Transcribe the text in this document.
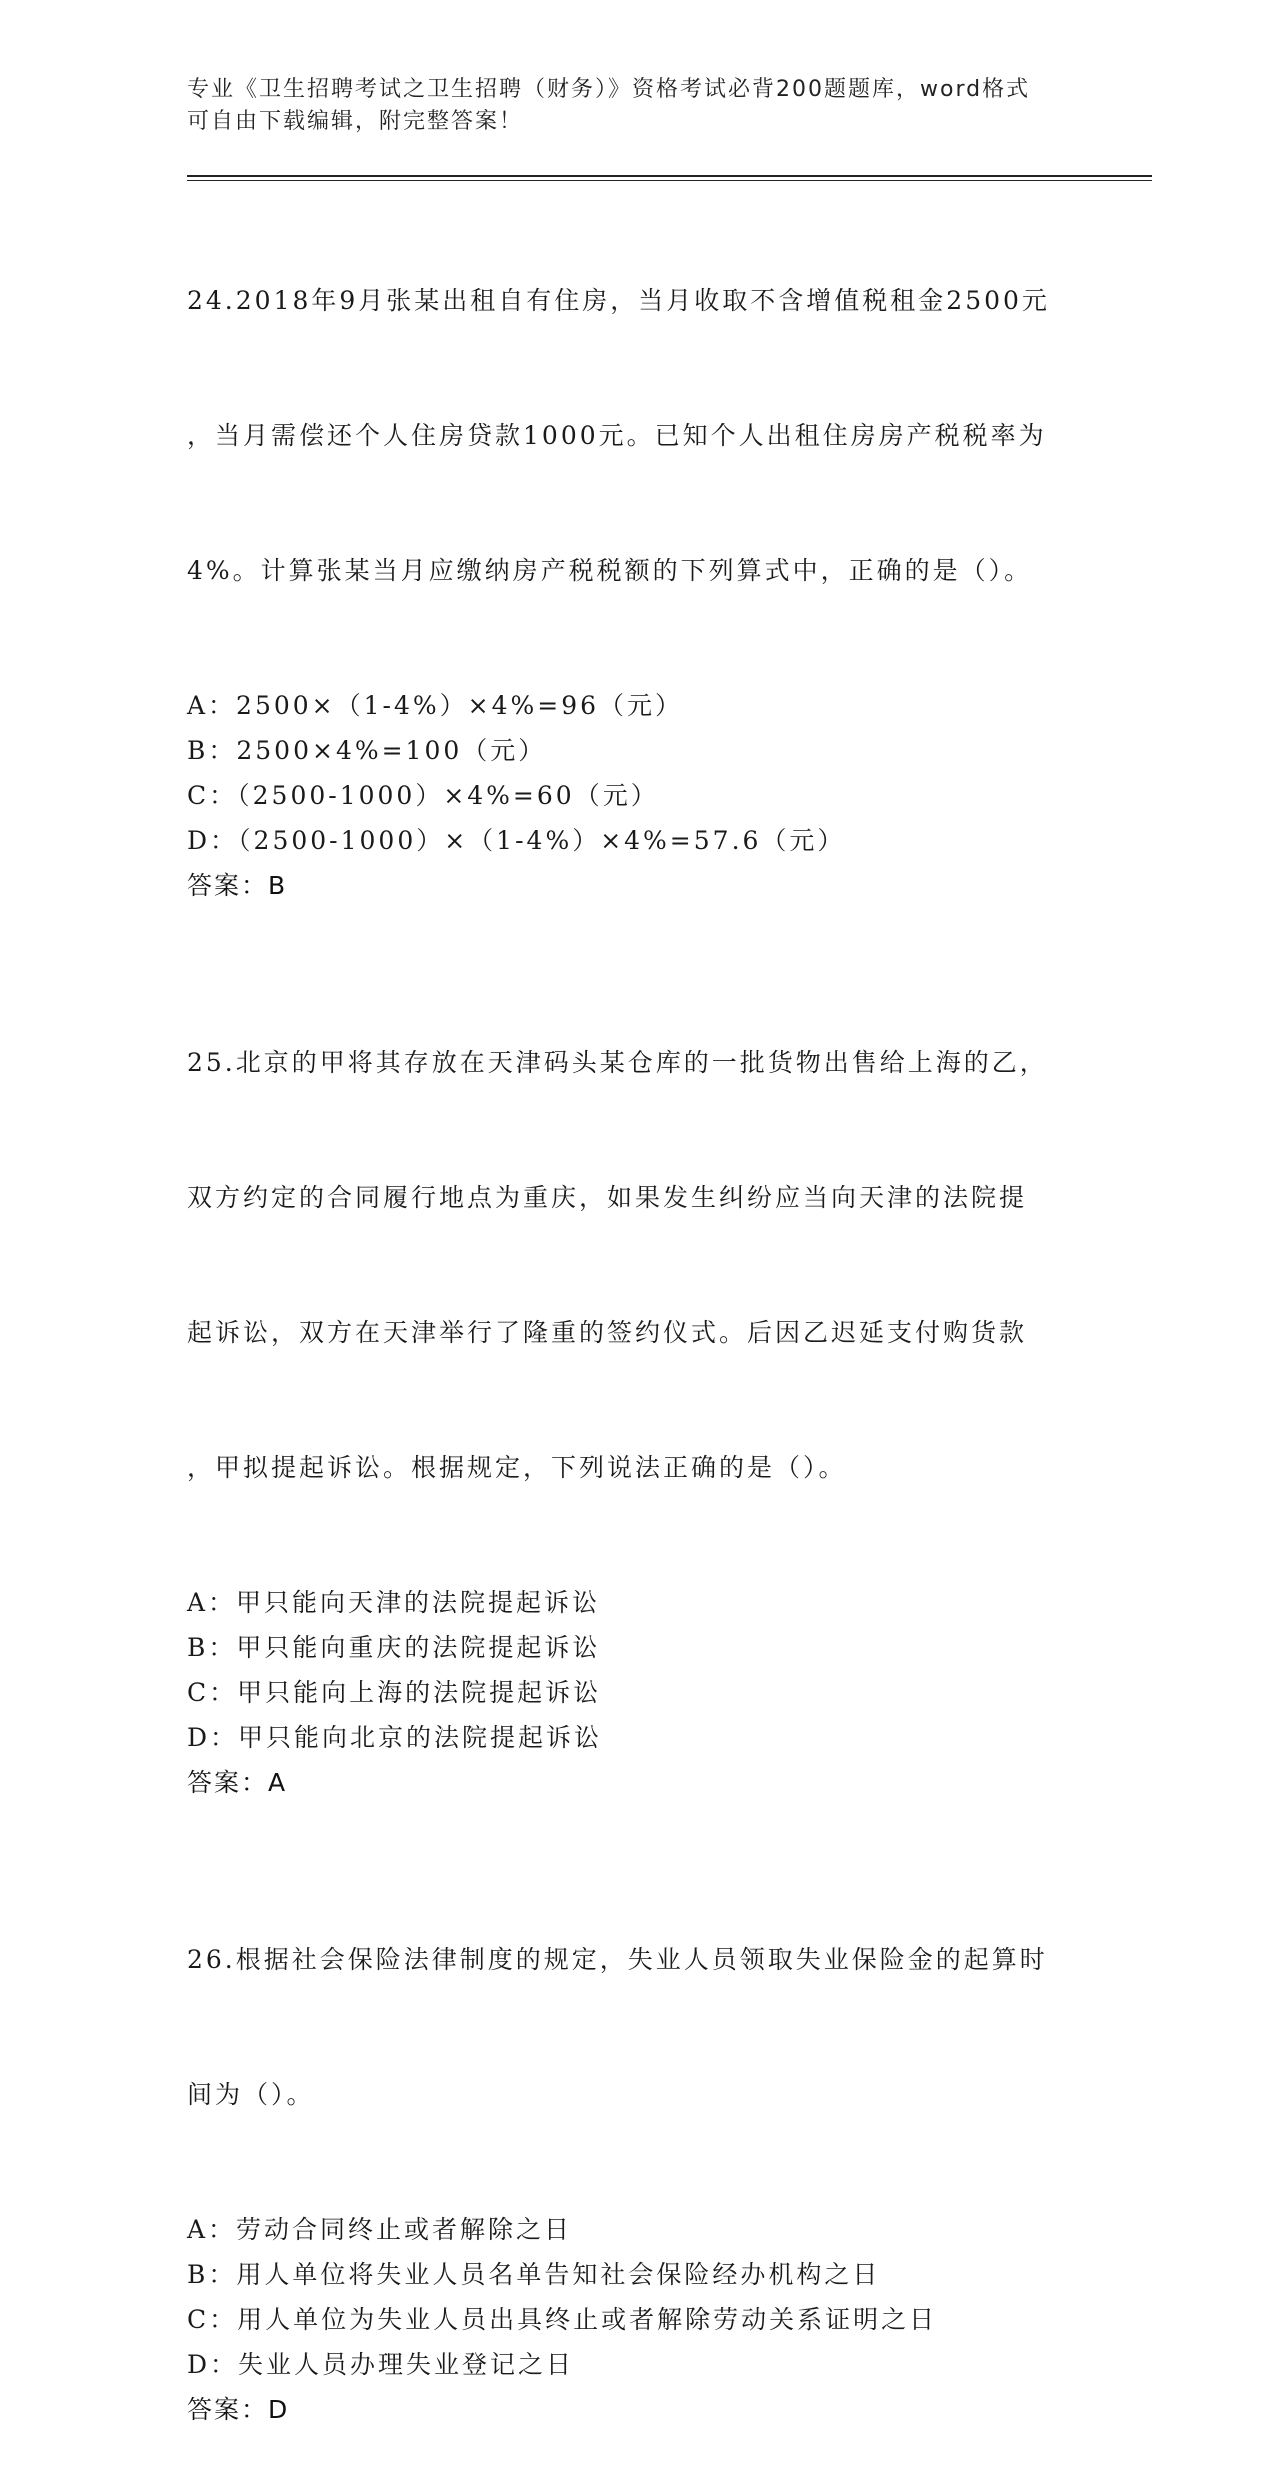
专业《卫生招聘考试之卫生招聘（财务）》资格考试必背200题题库，word格式
可自由下载编辑，附完整答案！

24.2018年9月张某出租自有住房，当月收取不含增值税租金2500元

，当月需偿还个人住房贷款1000元。已知个人出租住房房产税税率为

4%。计算张某当月应缴纳房产税税额的下列算式中，正确的是（）。

A：2500×（1-4%）×4%=96（元）
B：2500×4%=100（元）
C：（2500-1000）×4%=60（元）
D：（2500-1000）×（1-4%）×4%=57.6（元）
答案：B

25.北京的甲将其存放在天津码头某仓库的一批货物出售给上海的乙，

双方约定的合同履行地点为重庆，如果发生纠纷应当向天津的法院提

起诉讼，双方在天津举行了隆重的签约仪式。后因乙迟延支付购货款

，甲拟提起诉讼。根据规定，下列说法正确的是（）。

A：甲只能向天津的法院提起诉讼
B：甲只能向重庆的法院提起诉讼
C：甲只能向上海的法院提起诉讼
D：甲只能向北京的法院提起诉讼
答案：A

26.根据社会保险法律制度的规定，失业人员领取失业保险金的起算时

间为（）。

A：劳动合同终止或者解除之日
B：用人单位将失业人员名单告知社会保险经办机构之日
C：用人单位为失业人员出具终止或者解除劳动关系证明之日
D：失业人员办理失业登记之日
答案：D
